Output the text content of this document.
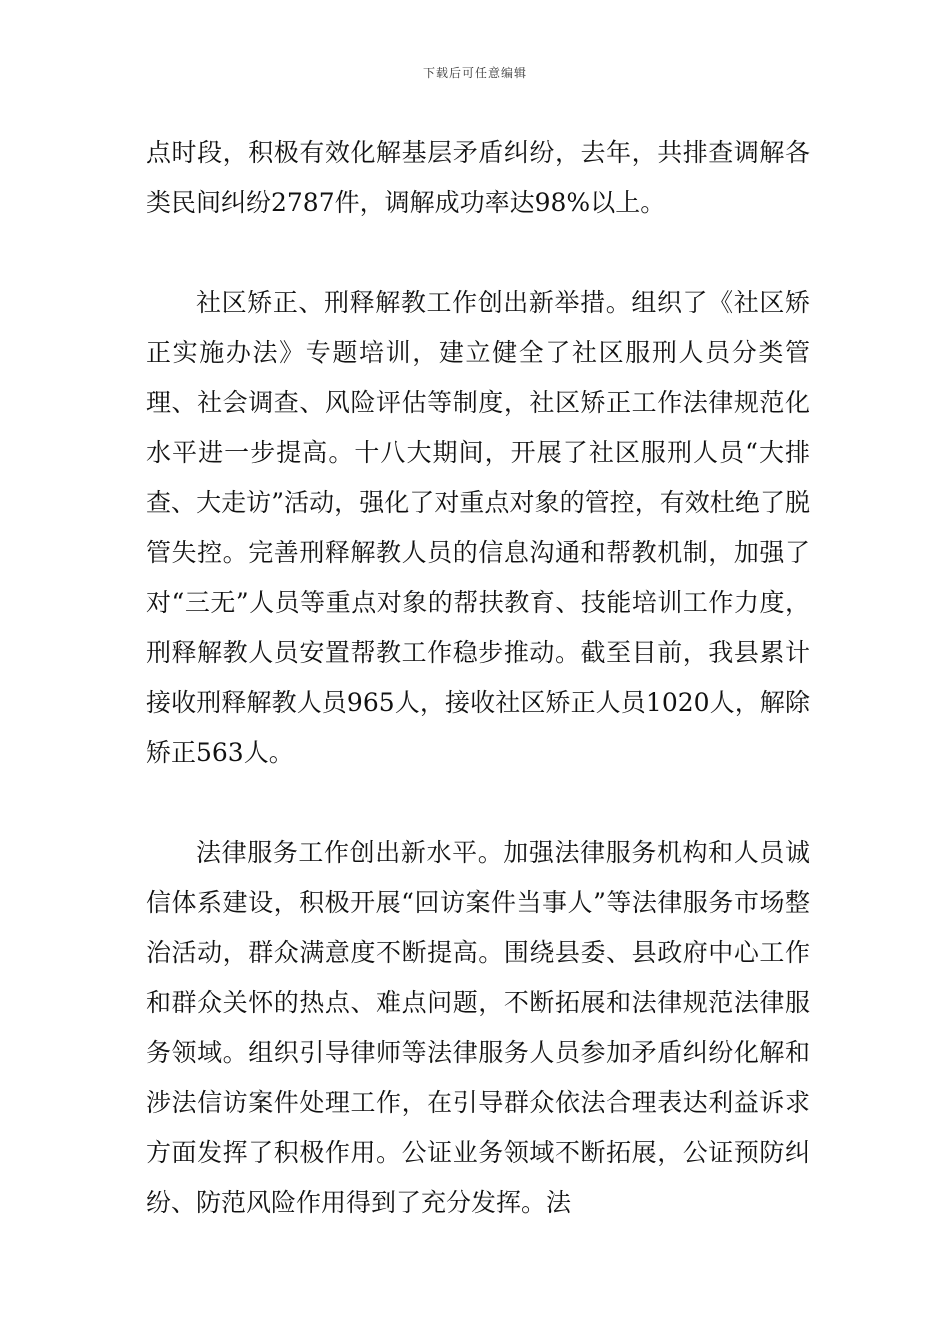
下载后可任意编辑

点时段，积极有效化解基层矛盾纠纷，去年，共排查调解各类民间纠纷2787件，调解成功率达98%以上。

社区矫正、刑释解教工作创出新举措。组织了《社区矫正实施办法》专题培训，建立健全了社区服刑人员分类管理、社会调查、风险评估等制度，社区矫正工作法律规范化水平进一步提高。十八大期间，开展了社区服刑人员“大排查、大走访”活动，强化了对重点对象的管控，有效杜绝了脱管失控。完善刑释解教人员的信息沟通和帮教机制，加强了对“三无”人员等重点对象的帮扶教育、技能培训工作力度，刑释解教人员安置帮教工作稳步推动。截至目前，我县累计接收刑释解教人员965人，接收社区矫正人员1020人，解除矫正563人。

法律服务工作创出新水平。加强法律服务机构和人员诚信体系建设，积极开展“回访案件当事人”等法律服务市场整治活动，群众满意度不断提高。围绕县委、县政府中心工作和群众关怀的热点、难点问题，不断拓展和法律规范法律服务领域。组织引导律师等法律服务人员参加矛盾纠纷化解和涉法信访案件处理工作，在引导群众依法合理表达利益诉求方面发挥了积极作用。公证业务领域不断拓展，公证预防纠纷、防范风险作用得到了充分发挥。法
